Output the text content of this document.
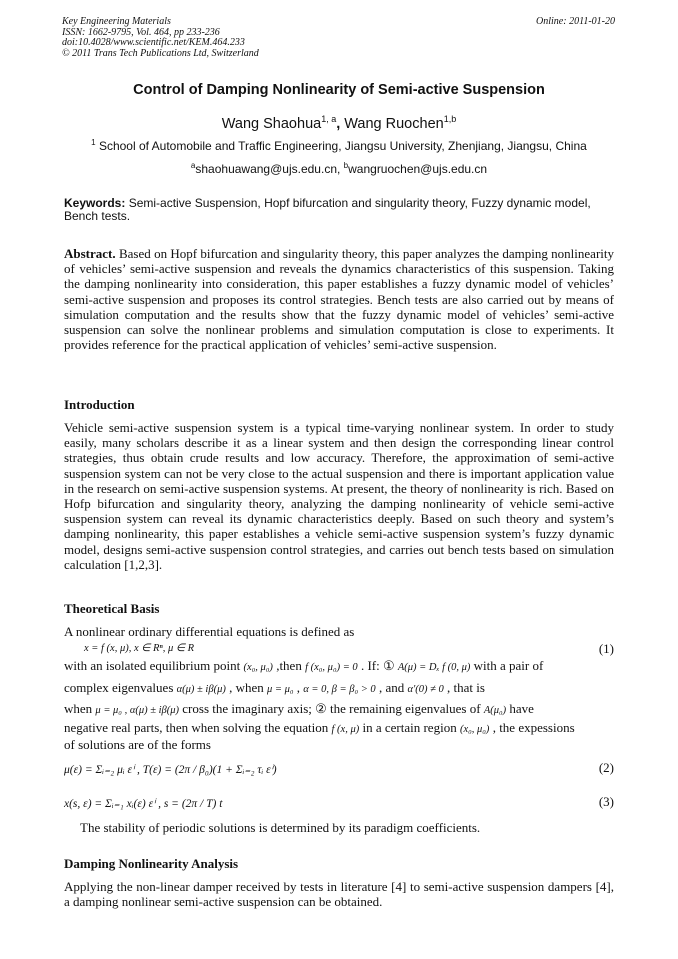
Key Engineering Materials
ISSN: 1662-9795, Vol. 464, pp 233-236
doi:10.4028/www.scientific.net/KEM.464.233
© 2011 Trans Tech Publications Ltd, Switzerland
Online: 2011-01-20
Control of Damping Nonlinearity of Semi-active Suspension
Wang Shaohua$^{1, a}$, Wang Ruochen$^{1,b}$
$^1$ School of Automobile and Traffic Engineering, Jiangsu University, Zhenjiang, Jiangsu, China
$^a$shaohuawang@ujs.edu.cn, $^b$wangruochen@ujs.edu.cn
Keywords: Semi-active Suspension, Hopf bifurcation and singularity theory, Fuzzy dynamic model, Bench tests.
Abstract. Based on Hopf bifurcation and singularity theory, this paper analyzes the damping nonlinearity of vehicles’ semi-active suspension and reveals the dynamics characteristics of this suspension. Taking the damping nonlinearity into consideration, this paper establishes a fuzzy dynamic model of vehicles’ semi-active suspension and proposes its control strategies. Bench tests are also carried out by means of simulation computation and the results show that the fuzzy dynamic model of vehicles’ semi-active suspension can solve the nonlinear problems and simulation computation is close to experiments. It provides reference for the practical application of vehicles’ semi-active suspension.
Introduction
Vehicle semi-active suspension system is a typical time-varying nonlinear system. In order to study easily, many scholars describe it as a linear system and then design the corresponding linear control strategies, thus obtain crude results and low accuracy. Therefore, the approximation of semi-active suspension system can not be very close to the actual suspension and there is important application value in the research on semi-active suspension systems. At present, the theory of nonlinearity is rich. Based on Hofp bifurcation and singularity theory, analyzing the damping nonlinearity of vehicle semi-active suspension system can reveal its dynamic characteristics deeply. Based on such theory and system’s damping nonlinearity, this paper establishes a vehicle semi-active suspension system’s fuzzy dynamic model, designs semi-active suspension control strategies, and carries out bench tests based on simulation calculation [1,2,3].
Theoretical Basis
A nonlinear ordinary differential equations is defined as
x = f (x, μ), x ∈ Rⁿ, μ ∈ R	(1)
with an isolated equilibrium point (x₀, μ₀) ,then f (x₀, μ₀) = 0 . If: ① A(μ) = Dₓ f (0, μ) with a pair of
complex eigenvalues α(μ) ± iβ(μ) , when μ = μ₀ , α = 0, β = β₀ > 0 , and α′(0) ≠ 0 , that is
when μ = μ₀ , α(μ) ± iβ(μ) cross the imaginary axis; ② the remaining eigenvalues of A(μ₀) have
negative real parts, then when solving the equation f (x, μ) in a certain region (x₀, μ₀) , the expessions
of solutions are of the forms
μ(ε) = Σᵢ₌₂ μᵢ εⁱ , T(ε) = (2π / β₀)(1 + Σᵢ₌₂ τᵢ εⁱ)	(2)
x(s, ε) = Σᵢ₌₁ xᵢ(ε) εⁱ , s = (2π / T) t	(3)
The stability of periodic solutions is determined by its paradigm coefficients.
Damping Nonlinearity Analysis
Applying the non-linear damper received by tests in literature [4] to semi-active suspension dampers [4], a damping nonlinear semi-active suspension can be obtained.
